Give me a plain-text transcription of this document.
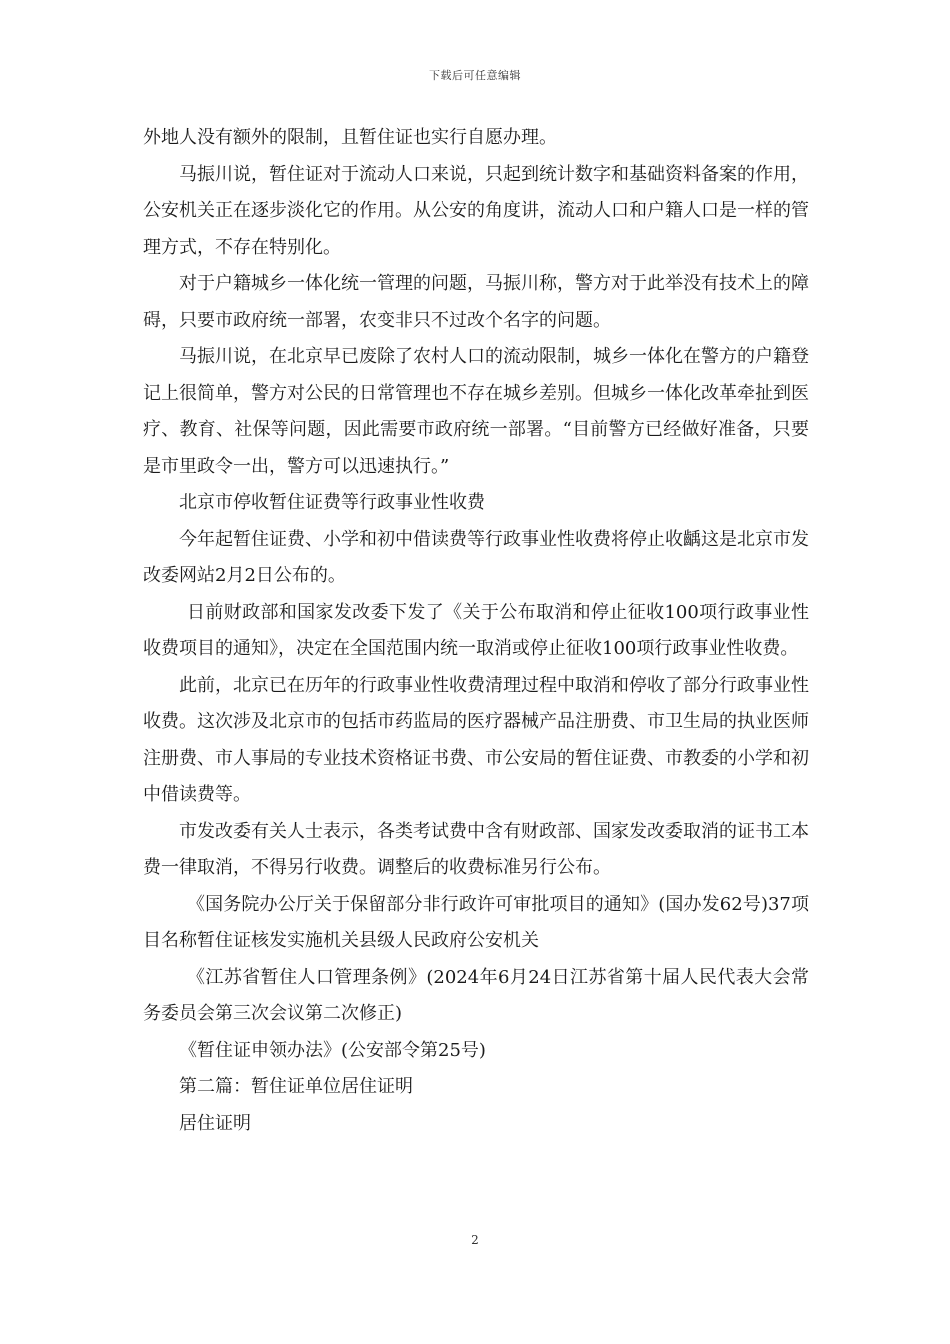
下载后可任意编辑

外地人没有额外的限制，且暂住证也实行自愿办理。

马振川说，暂住证对于流动人口来说，只起到统计数字和基础资料备案的作用，公安机关正在逐步淡化它的作用。从公安的角度讲，流动人口和户籍人口是一样的管理方式，不存在特别化。

对于户籍城乡一体化统一管理的问题，马振川称，警方对于此举没有技术上的障碍，只要市政府统一部署，农变非只不过改个名字的问题。

马振川说，在北京早已废除了农村人口的流动限制，城乡一体化在警方的户籍登记上很简单，警方对公民的日常管理也不存在城乡差别。但城乡一体化改革牵扯到医疗、教育、社保等问题，因此需要市政府统一部署。“目前警方已经做好准备，只要是市里政令一出，警方可以迅速执行。”

北京市停收暂住证费等行政事业性收费

今年起暂住证费、小学和初中借读费等行政事业性收费将停止收齲这是北京市发改委网站2月2日公布的。

日前财政部和国家发改委下发了《关于公布取消和停止征收100项行政事业性收费项目的通知》，决定在全国范围内统一取消或停止征收100项行政事业性收费。

此前，北京已在历年的行政事业性收费清理过程中取消和停收了部分行政事业性收费。这次涉及北京市的包括市药监局的医疗器械产品注册费、市卫生局的执业医师注册费、市人事局的专业技术资格证书费、市公安局的暂住证费、市教委的小学和初中借读费等。

市发改委有关人士表示，各类考试费中含有财政部、国家发改委取消的证书工本费一律取消，不得另行收费。调整后的收费标准另行公布。

《国务院办公厅关于保留部分非行政许可审批项目的通知》(国办发62号)37项目名称暂住证核发实施机关县级人民政府公安机关

《江苏省暂住人口管理条例》(2024年6月24日江苏省第十届人民代表大会常务委员会第三次会议第二次修正)

《暂住证申领办法》(公安部令第25号)

第二篇：暂住证单位居住证明

居住证明

2
